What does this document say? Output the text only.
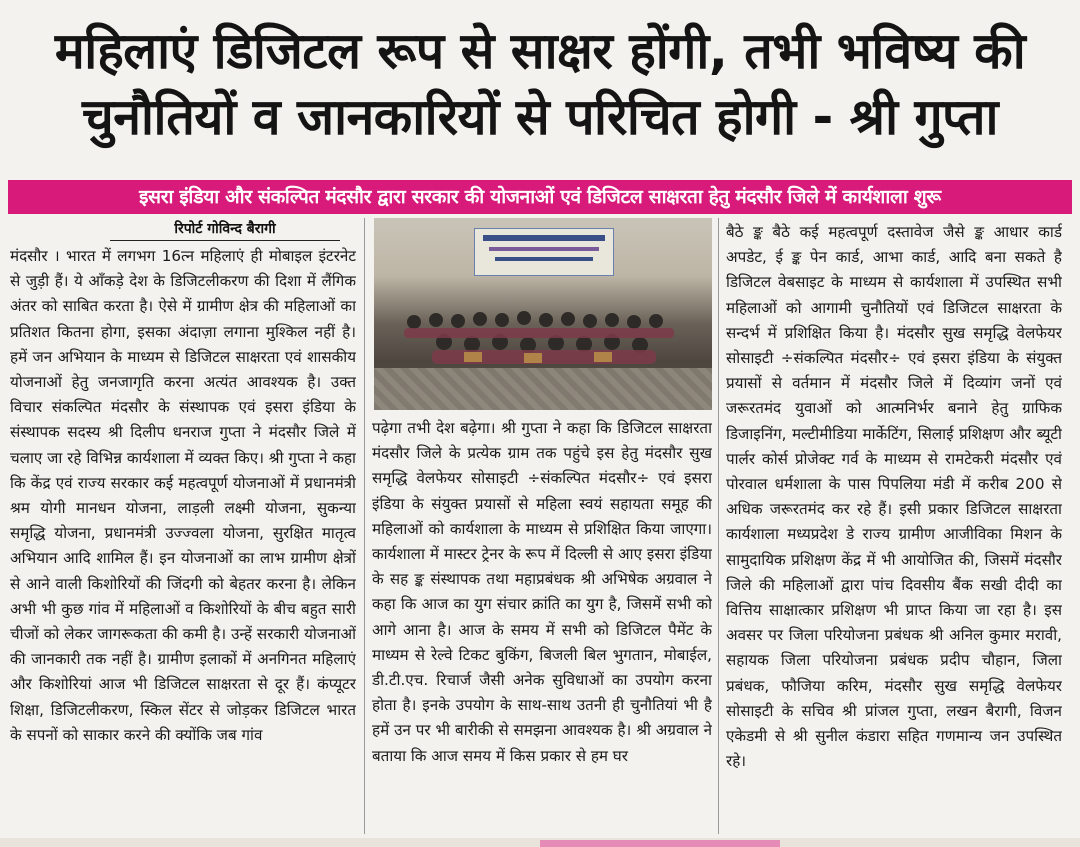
महिलाएं डिजिटल रूप से साक्षर होंगी, तभी भविष्य की
चुनौतियों व जानकारियों से परिचित होगी - श्री गुप्ता
इसरा इंडिया और संकल्पित मंदसौर द्वारा सरकार की योजनाओं एवं डिजिटल साक्षरता हेतु मंदसौर जिले में कार्यशाला शुरू
रिपोर्ट गोविन्द बैरागी
मंदसौर । भारत में लगभग 16त्न महिलाएं ही मोबाइल इंटरनेट से जुड़ी हैं। ये आँकड़े देश के डिजिटलीकरण की दिशा में लैंगिक अंतर को साबित करता है। ऐसे में ग्रामीण क्षेत्र की महिलाओं का प्रतिशत कितना होगा, इसका अंदाज़ा लगाना मुश्किल नहीं है। हमें जन अभियान के माध्यम से डिजिटल साक्षरता एवं शासकीय योजनाओं हेतु जनजागृति करना अत्यंत आवश्यक है। उक्त विचार संकल्पित मंदसौर के संस्थापक एवं इसरा इंडिया के संस्थापक सदस्य श्री दिलीप धनराज गुप्ता ने मंदसौर जिले में चलाए जा रहे विभिन्न कार्यशाला में व्यक्त किए। श्री गुप्ता ने कहा कि केंद्र एवं राज्य सरकार कई महत्वपूर्ण योजनाओं में प्रधानमंत्री श्रम योगी मानधन योजना, लाड़ली लक्ष्मी योजना, सुकन्या समृद्धि योजना, प्रधानमंत्री उज्ज्वला योजना, सुरक्षित मातृत्व अभियान आदि शामिल हैं। इन योजनाओं का लाभ ग्रामीण क्षेत्रों से आने वाली किशोरियों की जिंदगी को बेहतर करना है। लेकिन अभी भी कुछ गांव में महिलाओं व किशोरियों के बीच बहुत सारी चीजों को लेकर जागरूकता की कमी है। उन्हें सरकारी योजनाओं की जानकारी तक नहीं है। ग्रामीण इलाकों में अनगिनत महिलाएं और किशोरियां आज भी डिजिटल साक्षरता से दूर हैं। कंप्यूटर शिक्षा, डिजिटलीकरण, स्किल सेंटर से जोड़कर डिजिटल भारत के सपनों को साकार करने की क्योंकि जब गांव
पढ़ेगा तभी देश बढ़ेगा। श्री गुप्ता ने कहा कि डिजिटल साक्षरता मंदसौर जिले के प्रत्येक ग्राम तक पहुंचे इस हेतु मंदसौर सुख समृद्धि वेलफेयर सोसाइटी ÷संकल्पित मंदसौर÷ एवं इसरा इंडिया के संयुक्त प्रयासों से महिला स्वयं सहायता समूह की महिलाओं को कार्यशाला के माध्यम से प्रशिक्षित किया जाएगा। कार्यशाला में मास्टर ट्रेनर के रूप में दिल्ली से आए इसरा इंडिया के सह ङ्क संस्थापक तथा महाप्रबंधक श्री अभिषेक अग्रवाल ने कहा कि आज का युग संचार क्रांति का युग है, जिसमें सभी को आगे आना है। आज के समय में सभी को डिजिटल पैमेंट के माध्यम से रेल्वे टिकट बुकिंग, बिजली बिल भुगतान, मोबाईल, डी.टी.एच. रिचार्ज जैसी अनेक सुविधाओं का उपयोग करना होता है। इनके उपयोग के साथ-साथ उतनी ही चुनौतियां भी है हमें उन पर भी बारीकी से समझना आवश्यक है। श्री अग्रवाल ने बताया कि आज समय में किस प्रकार से हम घर
बैठे ङ्क बैठे कई महत्वपूर्ण दस्तावेज जैसे ङ्क आधार कार्ड अपडेट, ई ङ्क पेन कार्ड, आभा कार्ड, आदि बना सकते है डिजिटल वेबसाइट के माध्यम से कार्यशाला में उपस्थित सभी महिलाओं को आगामी चुनौतियों एवं डिजिटल साक्षरता के सन्दर्भ में प्रशिक्षित किया है। मंदसौर सुख समृद्धि वेलफेयर सोसाइटी ÷संकल्पित मंदसौर÷ एवं इसरा इंडिया के संयुक्त प्रयासों से वर्तमान में मंदसौर जिले में दिव्यांग जनों एवं जरूरतमंद युवाओं को आत्मनिर्भर बनाने हेतु ग्राफिक डिजाइनिंग, मल्टीमीडिया मार्केटिंग, सिलाई प्रशिक्षण और ब्यूटी पार्लर कोर्स प्रोजेक्ट गर्व के माध्यम से रामटेकरी मंदसौर एवं पोरवाल धर्मशाला के पास पिपलिया मंडी में करीब 200 से अधिक जरूरतमंद कर रहे हैं। इसी प्रकार डिजिटल साक्षरता कार्यशाला मध्यप्रदेश डे राज्य ग्रामीण आजीविका मिशन के सामुदायिक प्रशिक्षण केंद्र में भी आयोजित की, जिसमें मंदसौर जिले की महिलाओं द्वारा पांच दिवसीय बैंक सखी दीदी का वित्तिय साक्षात्कार प्रशिक्षण भी प्राप्त किया जा रहा है। इस अवसर पर जिला परियोजना प्रबंधक श्री अनिल कुमार मरावी, सहायक जिला परियोजना प्रबंधक प्रदीप चौहान, जिला प्रबंधक, फौजिया करिम, मंदसौर सुख समृद्धि वेलफेयर सोसाइटी के सचिव श्री प्रांजल गुप्ता, लखन बैरागी, विजन एकेडमी से श्री सुनील कंडारा सहित गणमान्य जन उपस्थित रहे।
